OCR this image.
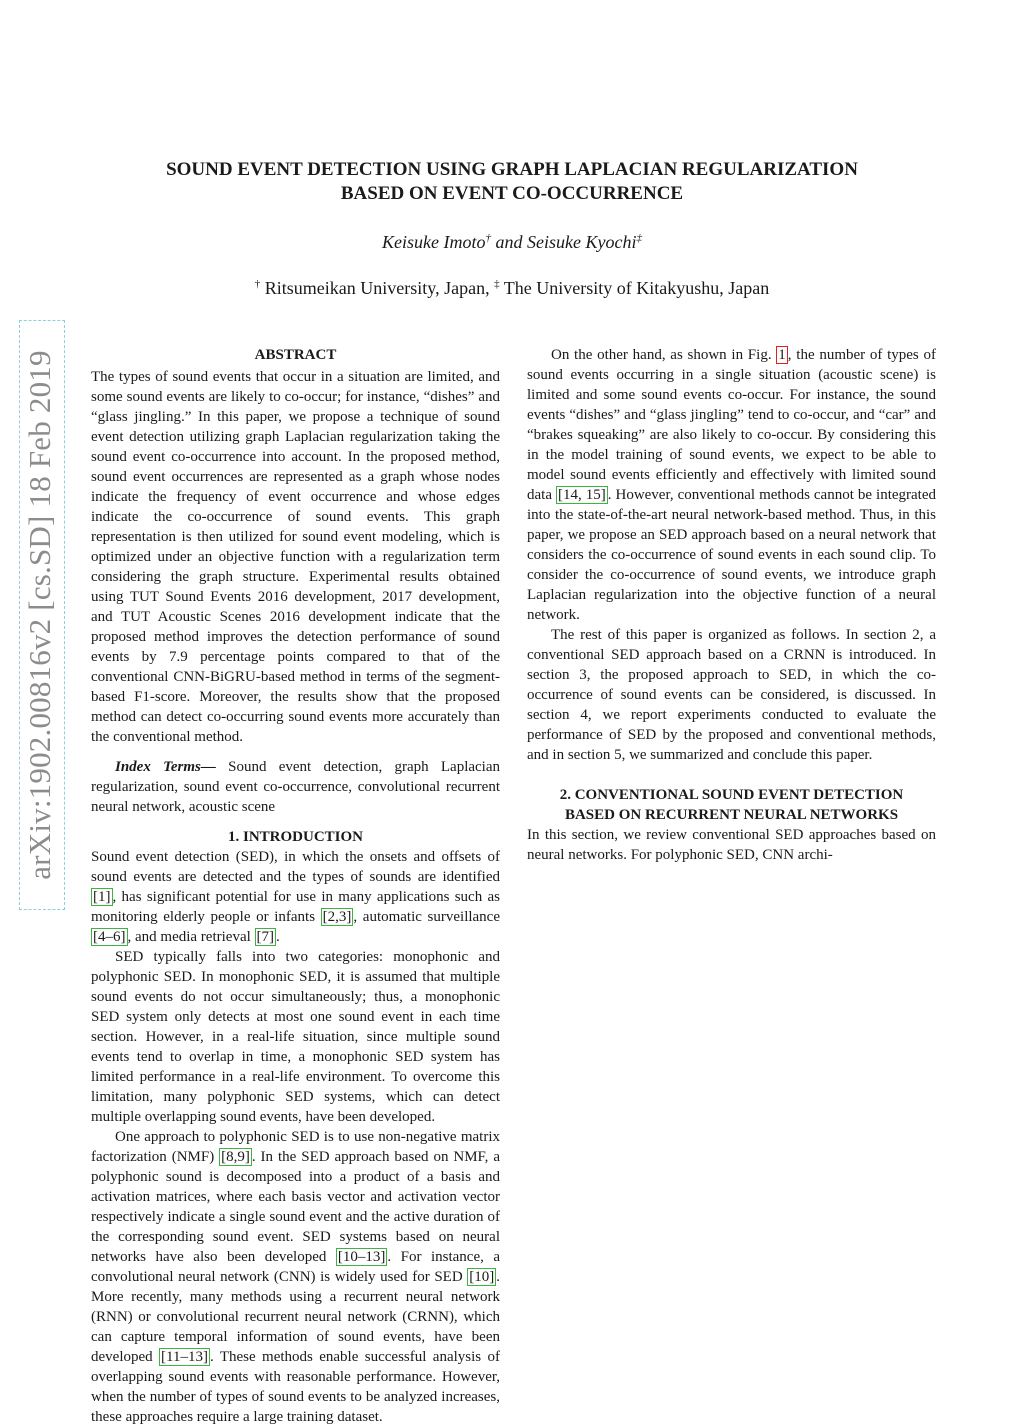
arXiv:1902.00816v2 [cs.SD] 18 Feb 2019
SOUND EVENT DETECTION USING GRAPH LAPLACIAN REGULARIZATION
BASED ON EVENT CO-OCCURRENCE
Keisuke Imoto† and Seisuke Kyochi‡
† Ritsumeikan University, Japan, ‡ The University of Kitakyushu, Japan
ABSTRACT

The types of sound events that occur in a situation are limited, and some sound events are likely to co-occur; for instance, “dishes” and “glass jingling.” In this paper, we propose a technique of sound event detection utilizing graph Laplacian regularization taking the sound event co-occurrence into account. In the proposed method, sound event occurrences are represented as a graph whose nodes indicate the frequency of event occurrence and whose edges indicate the co-occurrence of sound events. This graph representation is then utilized for sound event modeling, which is optimized under an objective function with a regularization term considering the graph structure. Experimental results obtained using TUT Sound Events 2016 development, 2017 development, and TUT Acoustic Scenes 2016 development indicate that the proposed method improves the detection performance of sound events by 7.9 percentage points compared to that of the conventional CNN-BiGRU-based method in terms of the segment-based F1-score. Moreover, the results show that the proposed method can detect co-occurring sound events more accurately than the conventional method.

Index Terms— Sound event detection, graph Laplacian regularization, sound event co-occurrence, convolutional recurrent neural network, acoustic scene

1. INTRODUCTION

Sound event detection (SED), in which the onsets and offsets of sound events are detected and the types of sounds are identified [1] , has significant potential for use in many applications such as monitoring elderly people or infants [2,3] , automatic surveillance [4–6] , and media retrieval [7] .

SED typically falls into two categories: monophonic and polyphonic SED. In monophonic SED, it is assumed that multiple sound events do not occur simultaneously; thus, a monophonic SED system only detects at most one sound event in each time section. However, in a real-life situation, since multiple sound events tend to overlap in time, a monophonic SED system has limited performance in a real-life environment. To overcome this limitation, many polyphonic SED systems, which can detect multiple overlapping sound events, have been developed.

One approach to polyphonic SED is to use non-negative matrix factorization (NMF) [8,9] . In the SED approach based on NMF, a polyphonic sound is decomposed into a product of a basis and activation matrices, where each basis vector and activation vector respectively indicate a single sound event and the active duration of the corresponding sound event. SED systems based on neural networks have also been developed [10–13] . For instance, a convolutional neural network (CNN) is widely used for SED [10] . More recently, many methods using a recurrent neural network (RNN) or convolutional recurrent neural network (CRNN), which can capture temporal information of sound events, have been developed [11–13] . These methods enable successful analysis of overlapping sound events with reasonable performance. However, when the number of types of sound events to be analyzed increases, these approaches require a large training dataset.

On the other hand, as shown in Fig. 1 , the number of types of sound events occurring in a single situation (acoustic scene) is limited and some sound events co-occur. For instance, the sound events “dishes” and “glass jingling” tend to co-occur, and “car” and “brakes squeaking” are also likely to co-occur. By considering this in the model training of sound events, we expect to be able to model sound events efficiently and effectively with limited sound data [14, 15] . However, conventional methods cannot be integrated into the state-of-the-art neural network-based method. Thus, in this paper, we propose an SED approach based on a neural network that considers the co-occurrence of sound events in each sound clip. To consider the co-occurrence of sound events, we introduce graph Laplacian regularization into the objective function of a neural network.

The rest of this paper is organized as follows. In section 2, a conventional SED approach based on a CRNN is introduced. In section 3, the proposed approach to SED, in which the co-occurrence of sound events can be considered, is discussed. In section 4, we report experiments conducted to evaluate the performance of SED by the proposed and conventional methods, and in section 5, we summarized and conclude this paper.

2. CONVENTIONAL SOUND EVENT DETECTION
BASED ON RECURRENT NEURAL NETWORKS

In this section, we review conventional SED approaches based on neural networks. For polyphonic SED, CNN archi-
